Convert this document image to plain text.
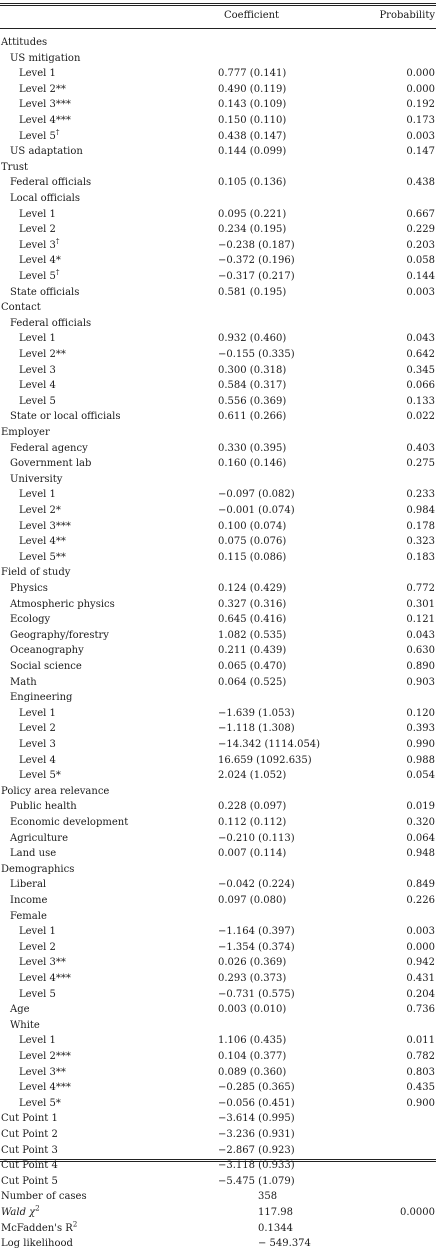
Coefficient	Probability
Attitudes
US mitigation
Level 1	0.777 (0.141)	0.000
Level 2**	0.490 (0.119)	0.000
Level 3***	0.143 (0.109)	0.192
Level 4***	0.150 (0.110)	0.173
Level 5†	0.438 (0.147)	0.003
US adaptation	0.144 (0.099)	0.147
Trust
Federal officials	0.105 (0.136)	0.438
Local officials
Level 1	0.095 (0.221)	0.667
Level 2	0.234 (0.195)	0.229
Level 3†	−0.238 (0.187)	0.203
Level 4*	−0.372 (0.196)	0.058
Level 5†	−0.317 (0.217)	0.144
State officials	0.581 (0.195)	0.003
Contact
Federal officials
Level 1	0.932 (0.460)	0.043
Level 2**	−0.155 (0.335)	0.642
Level 3	0.300 (0.318)	0.345
Level 4	0.584 (0.317)	0.066
Level 5	0.556 (0.369)	0.133
State or local officials	0.611 (0.266)	0.022
Employer
Federal agency	0.330 (0.395)	0.403
Government lab	0.160 (0.146)	0.275
University
Level 1	−0.097 (0.082)	0.233
Level 2*	−0.001 (0.074)	0.984
Level 3***	0.100 (0.074)	0.178
Level 4**	0.075 (0.076)	0.323
Level 5**	0.115 (0.086)	0.183
Field of study
Physics	0.124 (0.429)	0.772
Atmospheric physics	0.327 (0.316)	0.301
Ecology	0.645 (0.416)	0.121
Geography/forestry	1.082 (0.535)	0.043
Oceanography	0.211 (0.439)	0.630
Social science	0.065 (0.470)	0.890
Math	0.064 (0.525)	0.903
Engineering
Level 1	−1.639 (1.053)	0.120
Level 2	−1.118 (1.308)	0.393
Level 3	−14.342 (1114.054)	0.990
Level 4	16.659 (1092.635)	0.988
Level 5*	2.024 (1.052)	0.054
Policy area relevance
Public health	0.228 (0.097)	0.019
Economic development	0.112 (0.112)	0.320
Agriculture	−0.210 (0.113)	0.064
Land use	0.007 (0.114)	0.948
Demographics
Liberal	−0.042 (0.224)	0.849
Income	0.097 (0.080)	0.226
Female
Level 1	−1.164 (0.397)	0.003
Level 2	−1.354 (0.374)	0.000
Level 3**	0.026 (0.369)	0.942
Level 4***	0.293 (0.373)	0.431
Level 5	−0.731 (0.575)	0.204
Age	0.003 (0.010)	0.736
White
Level 1	1.106 (0.435)	0.011
Level 2***	0.104 (0.377)	0.782
Level 3**	0.089 (0.360)	0.803
Level 4***	−0.285 (0.365)	0.435
Level 5*	−0.056 (0.451)	0.900
Cut Point 1	−3.614 (0.995)
Cut Point 2	−3.236 (0.931)
Cut Point 3	−2.867 (0.923)
Cut Point 4	−3.118 (0.933)
Cut Point 5	−5.475 (1.079)
Number of cases	358
Wald $\chi^2$	117.98	0.0000
McFadden's $R^2$	0.1344
Log likelihood	− 549.374
